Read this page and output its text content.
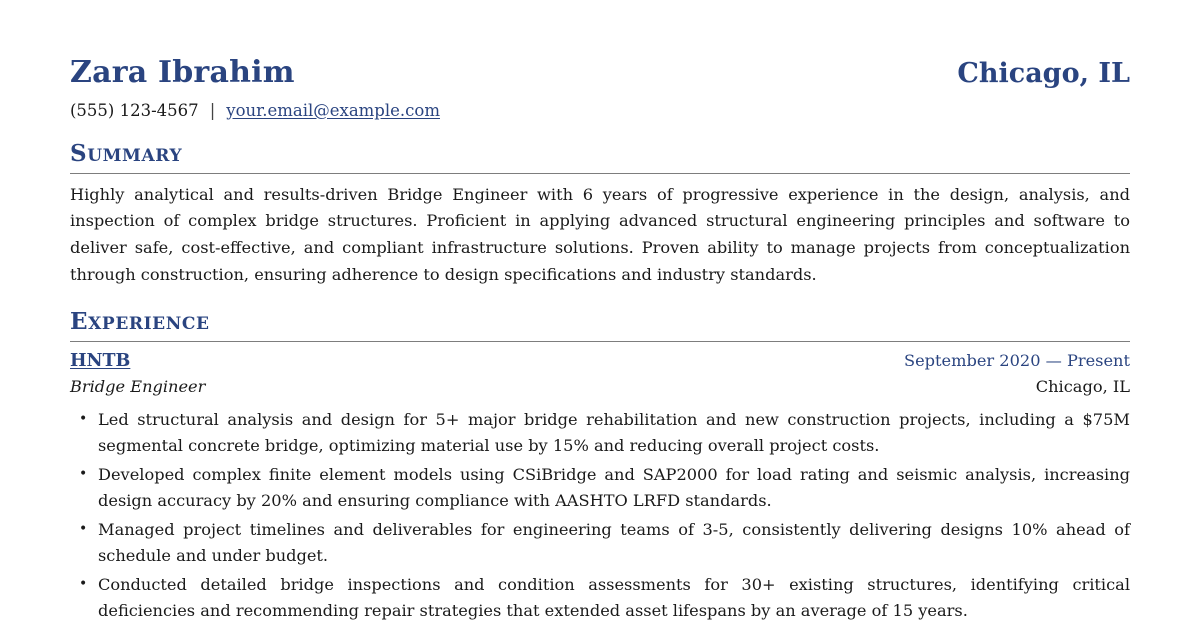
Zara Ibrahim	Chicago, IL
(555) 123-4567 | your.email@example.com
SUMMARY

Highly analytical and results-driven Bridge Engineer with 6 years of progressive experience in the design, analysis, and inspection of complex bridge structures. Proficient in applying advanced structural engineering principles and software to deliver safe, cost-effective, and compliant infrastructure solutions. Proven ability to manage projects from conceptualization through construction, ensuring adherence to design specifications and industry standards.

EXPERIENCE
HNTB	September 2020 — Present
Bridge Engineer	Chicago, IL
• Led structural analysis and design for 5+ major bridge rehabilitation and new construction projects, including a $75M segmental concrete bridge, optimizing material use by 15% and reducing overall project costs.
• Developed complex finite element models using CSiBridge and SAP2000 for load rating and seismic analysis, increasing design accuracy by 20% and ensuring compliance with AASHTO LRFD standards.
• Managed project timelines and deliverables for engineering teams of 3-5, consistently delivering designs 10% ahead of schedule and under budget.
• Conducted detailed bridge inspections and condition assessments for 30+ existing structures, identifying critical deficiencies and recommending repair strategies that extended asset lifespans by an average of 15 years.
